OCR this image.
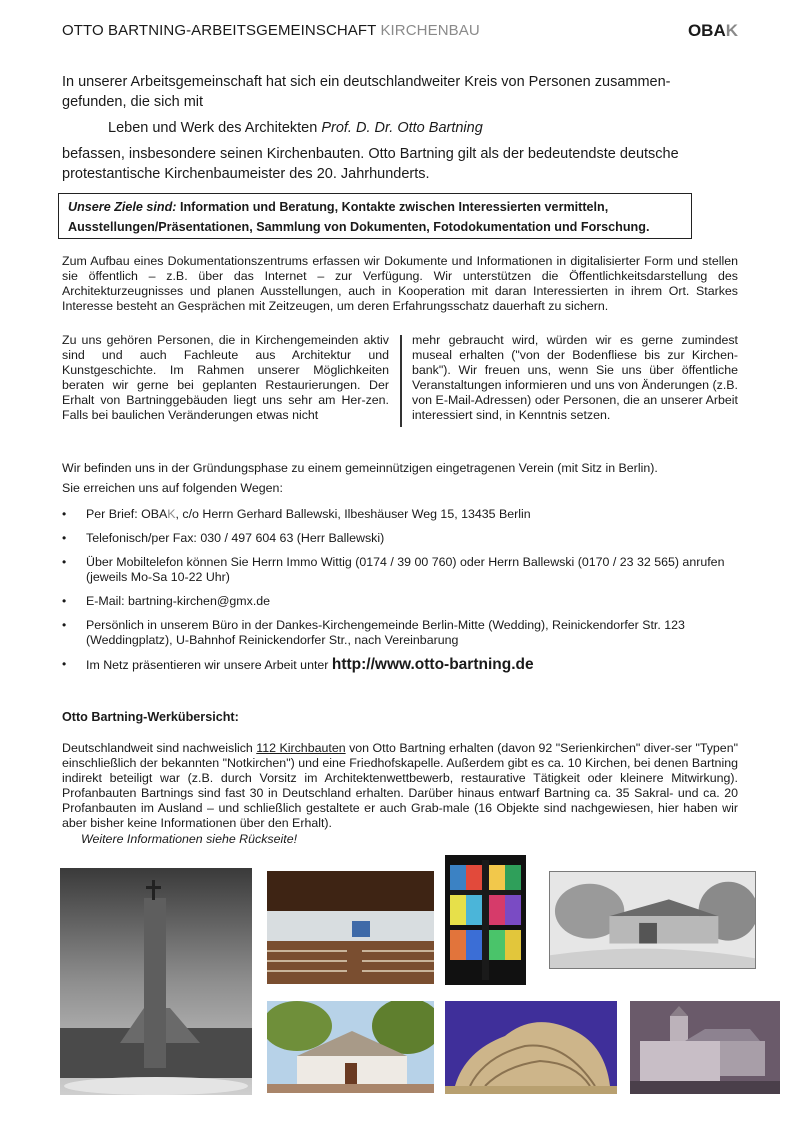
OTTO BARTNING-ARBEITSGEMEINSCHAFT KIRCHENBAU	OBAK

In unserer Arbeitsgemeinschaft hat sich ein deutschlandweiter Kreis von Personen zusammen-gefunden, die sich mit

Leben und Werk des Architekten Prof. D. Dr. Otto Bartning

befassen, insbesondere seinen Kirchenbauten. Otto Bartning gilt als der bedeutendste deutsche protestantische Kirchenbaumeister des 20. Jahrhunderts.

Unsere Ziele sind: Information und Beratung, Kontakte zwischen Interessierten vermitteln,
Ausstellungen/Präsentationen, Sammlung von Dokumenten, Fotodokumentation und Forschung.

Zum Aufbau eines Dokumentationszentrums erfassen wir Dokumente und Informationen in digitalisierter Form und stellen sie öffentlich – z.B. über das Internet – zur Verfügung. Wir unterstützen die Öffentlichkeitsdarstellung des Architekturzeugnisses und planen Ausstellungen, auch in Kooperation mit daran Interessierten in ihrem Ort. Starkes Interesse besteht an Gesprächen mit Zeitzeugen, um deren Erfahrungsschatz dauerhaft zu sichern.

Zu uns gehören Personen, die in Kirchengemeinden aktiv sind und auch Fachleute aus Architektur und Kunstgeschichte. Im Rahmen unserer Möglichkeiten beraten wir gerne bei geplanten Restaurierungen. Der Erhalt von Bartninggebäuden liegt uns sehr am Her-zen. Falls bei baulichen Veränderungen etwas nicht
mehr gebraucht wird, würden wir es gerne zumindest museal erhalten ("von der Bodenfliese bis zur Kirchen-bank"). Wir freuen uns, wenn Sie uns über öffentliche Veranstaltungen informieren und uns von Änderungen (z.B. von E-Mail-Adressen) oder Personen, die an unserer Arbeit interessiert sind, in Kenntnis setzen.

Wir befinden uns in der Gründungsphase zu einem gemeinnützigen eingetragenen Verein (mit Sitz in Berlin).

Sie erreichen uns auf folgenden Wegen:

• Per Brief: OBAK, c/o Herrn Gerhard Ballewski, Ilbeshäuser Weg 15, 13435 Berlin
• Telefonisch/per Fax: 030 / 497 604 63 (Herr Ballewski)
• Über Mobiltelefon können Sie Herrn Immo Wittig (0174 / 39 00 760) oder Herrn Ballewski (0170 / 23 32 565) anrufen (jeweils Mo-Sa 10-22 Uhr)
• E-Mail: bartning-kirchen@gmx.de
• Persönlich in unserem Büro in der Dankes-Kirchengemeinde Berlin-Mitte (Wedding), Reinickendorfer Str. 123 (Weddingplatz), U-Bahnhof Reinickendorfer Str., nach Vereinbarung
• Im Netz präsentieren wir unsere Arbeit unter http://www.otto-bartning.de
Otto Bartning-Werkübersicht:

Deutschlandweit sind nachweislich 112 Kirchbauten von Otto Bartning erhalten (davon 92 "Serienkirchen" diver-ser "Typen" einschließlich der bekannten "Notkirchen") und eine Friedhofskapelle. Außerdem gibt es ca. 10 Kirchen, bei denen Bartning indirekt beteiligt war (z.B. durch Vorsitz im Architektenwettbewerb, restaurative Tätigkeit oder kleinere Mitwirkung). Profanbauten Bartnings sind fast 30 in Deutschland erhalten. Darüber hinaus entwarf Bartning ca. 35 Sakral- und ca. 20 Profanbauten im Ausland – und schließlich gestaltete er auch Grab-male (16 Objekte sind nachgewiesen, hier haben wir aber bisher keine Informationen über den Erhalt).

Weitere Informationen siehe Rückseite!
